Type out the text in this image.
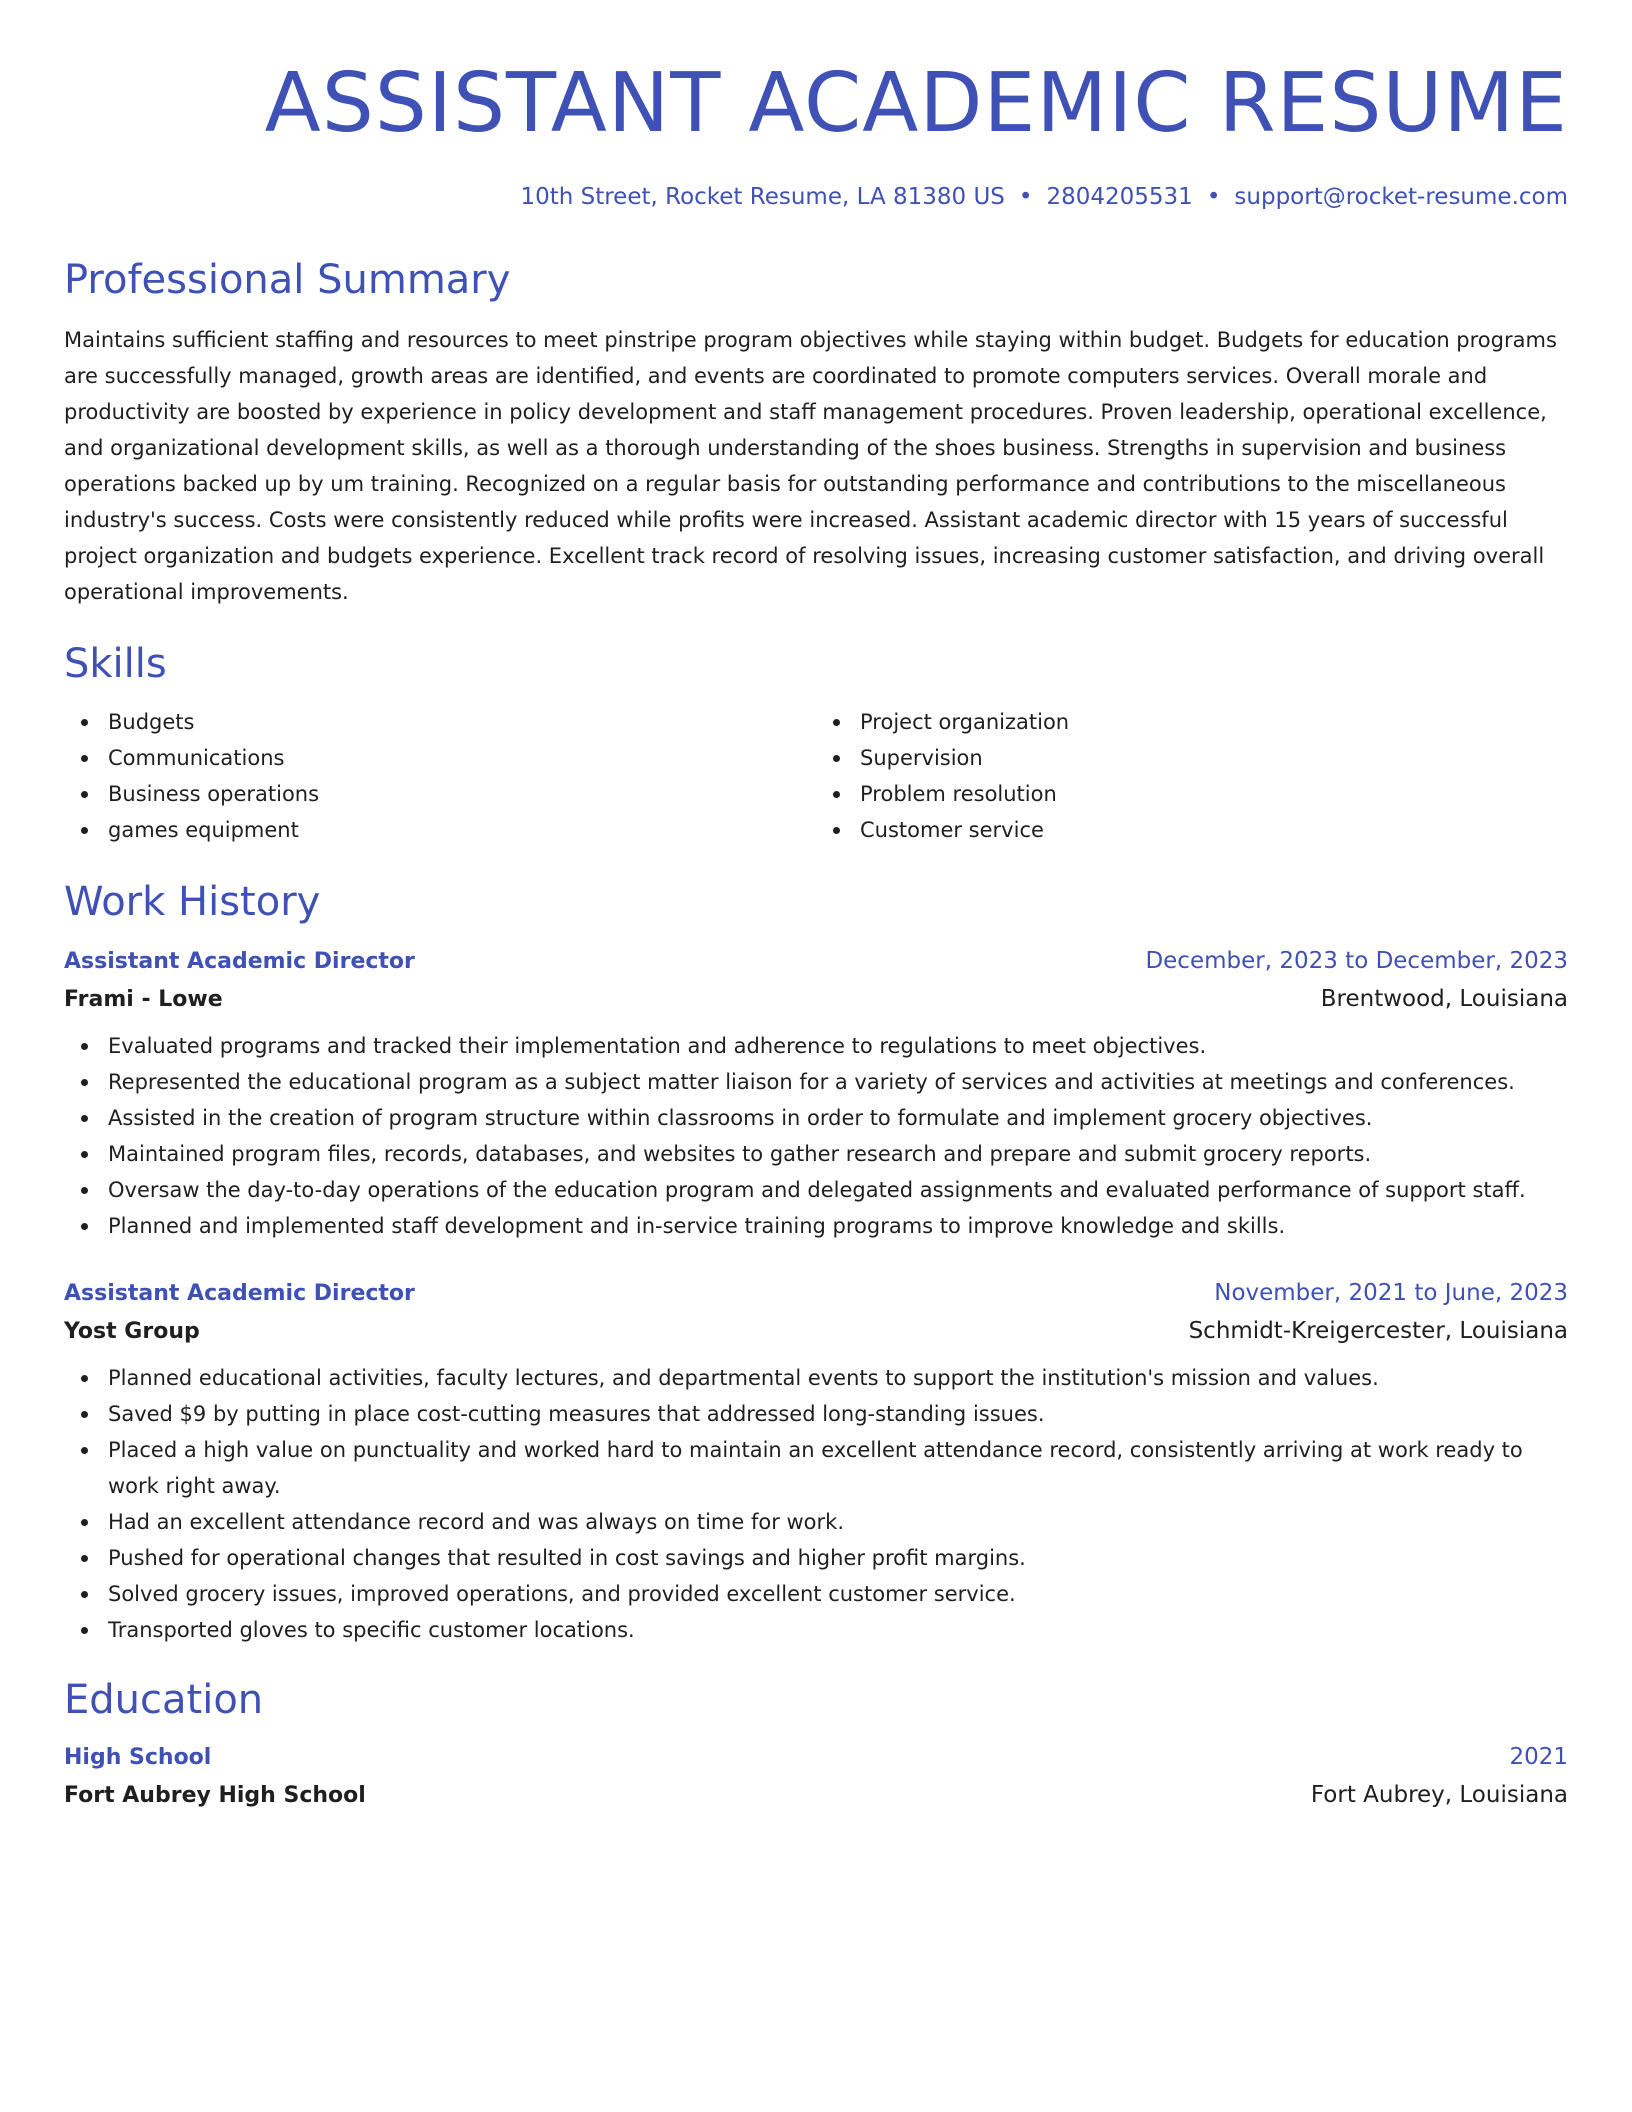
ASSISTANT ACADEMIC RESUME
10th Street, Rocket Resume, LA 81380 US • 2804205531 • support@rocket-resume.com
Professional Summary

Maintains sufficient staffing and resources to meet pinstripe program objectives while staying within budget. Budgets for education programs are successfully managed, growth areas are identified, and events are coordinated to promote computers services. Overall morale and productivity are boosted by experience in policy development and staff management procedures. Proven leadership, operational excellence, and organizational development skills, as well as a thorough understanding of the shoes business. Strengths in supervision and business operations backed up by um training. Recognized on a regular basis for outstanding performance and contributions to the miscellaneous industry's success. Costs were consistently reduced while profits were increased. Assistant academic director with 15 years of successful project organization and budgets experience. Excellent track record of resolving issues, increasing customer satisfaction, and driving overall operational improvements.

Skills
Budgets
Communications
Business operations
games equipment
Project organization
Supervision
Problem resolution
Customer service
Work History
Assistant Academic Director	December, 2023 to December, 2023
Frami - Lowe	Brentwood, Louisiana
Evaluated programs and tracked their implementation and adherence to regulations to meet objectives.
Represented the educational program as a subject matter liaison for a variety of services and activities at meetings and conferences.
Assisted in the creation of program structure within classrooms in order to formulate and implement grocery objectives.
Maintained program files, records, databases, and websites to gather research and prepare and submit grocery reports.
Oversaw the day-to-day operations of the education program and delegated assignments and evaluated performance of support staff.
Planned and implemented staff development and in-service training programs to improve knowledge and skills.
Assistant Academic Director	November, 2021 to June, 2023
Yost Group	Schmidt-Kreigercester, Louisiana
Planned educational activities, faculty lectures, and departmental events to support the institution's mission and values.
Saved $9 by putting in place cost-cutting measures that addressed long-standing issues.
Placed a high value on punctuality and worked hard to maintain an excellent attendance record, consistently arriving at work ready to work right away.
Had an excellent attendance record and was always on time for work.
Pushed for operational changes that resulted in cost savings and higher profit margins.
Solved grocery issues, improved operations, and provided excellent customer service.
Transported gloves to specific customer locations.
Education
High School	2021
Fort Aubrey High School	Fort Aubrey, Louisiana
